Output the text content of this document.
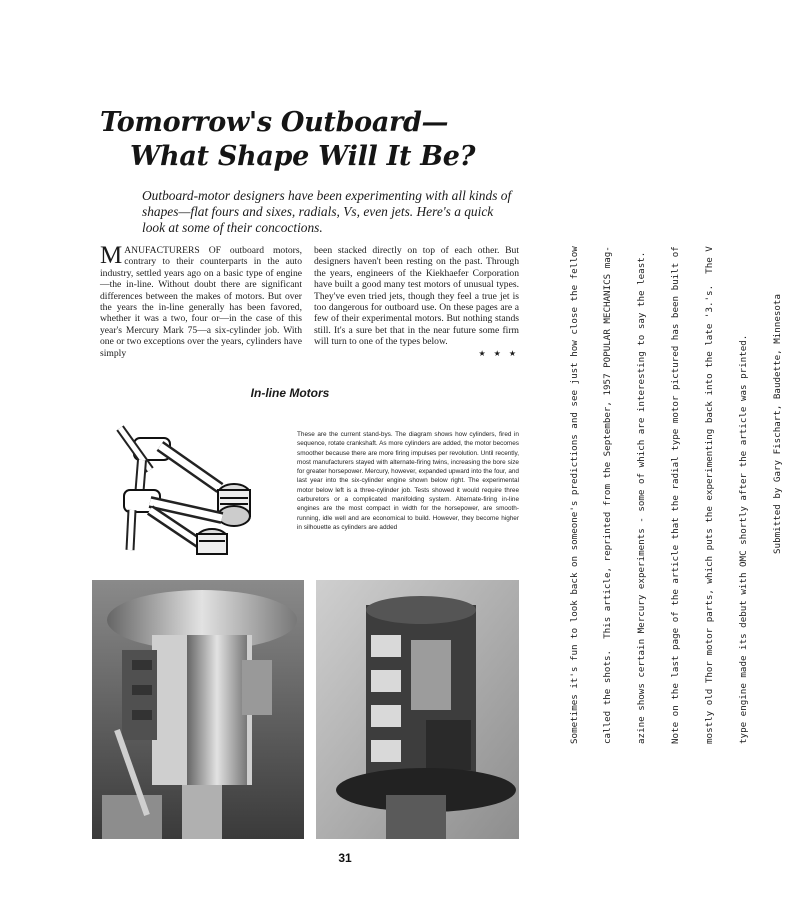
Tomorrow's Outboard—
What Shape Will It Be?
Outboard-motor designers have been experimenting with all kinds of shapes—flat fours and sixes, radials, Vs, even jets. Here's a quick look at some of their concoctions.
MANUFACTURERS OF outboard motors, contrary to their counterparts in the auto industry, settled years ago on a basic type of engine—the in-line. Without doubt there are significant differences between the makes of motors. But over the years the in-line generally has been favored, whether it was a two, four or—in the case of this year's Mercury Mark 75—a six-cylinder job. With one or two exceptions over the years, cylinders have simply
been stacked directly on top of each other. But designers haven't been resting on the past. Through the years, engineers of the Kiekhaefer Corporation have built a good many test motors of unusual types. They've even tried jets, though they feel a true jet is too dangerous for outboard use. On these pages are a few of their experimental motors. But nothing stands still. It's a sure bet that in the near future some firm will turn to one of the types below.
★ ★ ★
In-line Motors
These are the current stand-bys. The diagram shows how cylinders, fired in sequence, rotate crankshaft. As more cylinders are added, the motor becomes smoother because there are more firing impulses per revolution. Until recently, most manufacturers stayed with alternate-firing twins, increasing the bore size for greater horsepower. Mercury, however, expanded upward into the four, and last year into the six-cylinder engine shown below right. The experimental motor below left is a three-cylinder job. Tests showed it would require three carburetors or a complicated manifolding system. Alternate-firing in-line engines are the most compact in width for the horsepower, are smooth-running, idle well and are economical to build. However, they become higher in silhouette as cylinders are added
31

Sometimes it's fun to look back on someone's predictions and see just how close the fellow

called the shots.  This article, reprinted from the September, 1957 POPULAR MECHANICS mag-

azine shows certain Mercury experiments - some of which are interesting to say the least.

Note on the last page of the article that the radial type motor pictured has been built of

mostly old Thor motor parts, which puts the experimenting back into the late '3.'s.  The V

type engine made its debut with OMC shortly after the article was printed.

Submitted by Gary Fischart, Baudette, Minnesota
